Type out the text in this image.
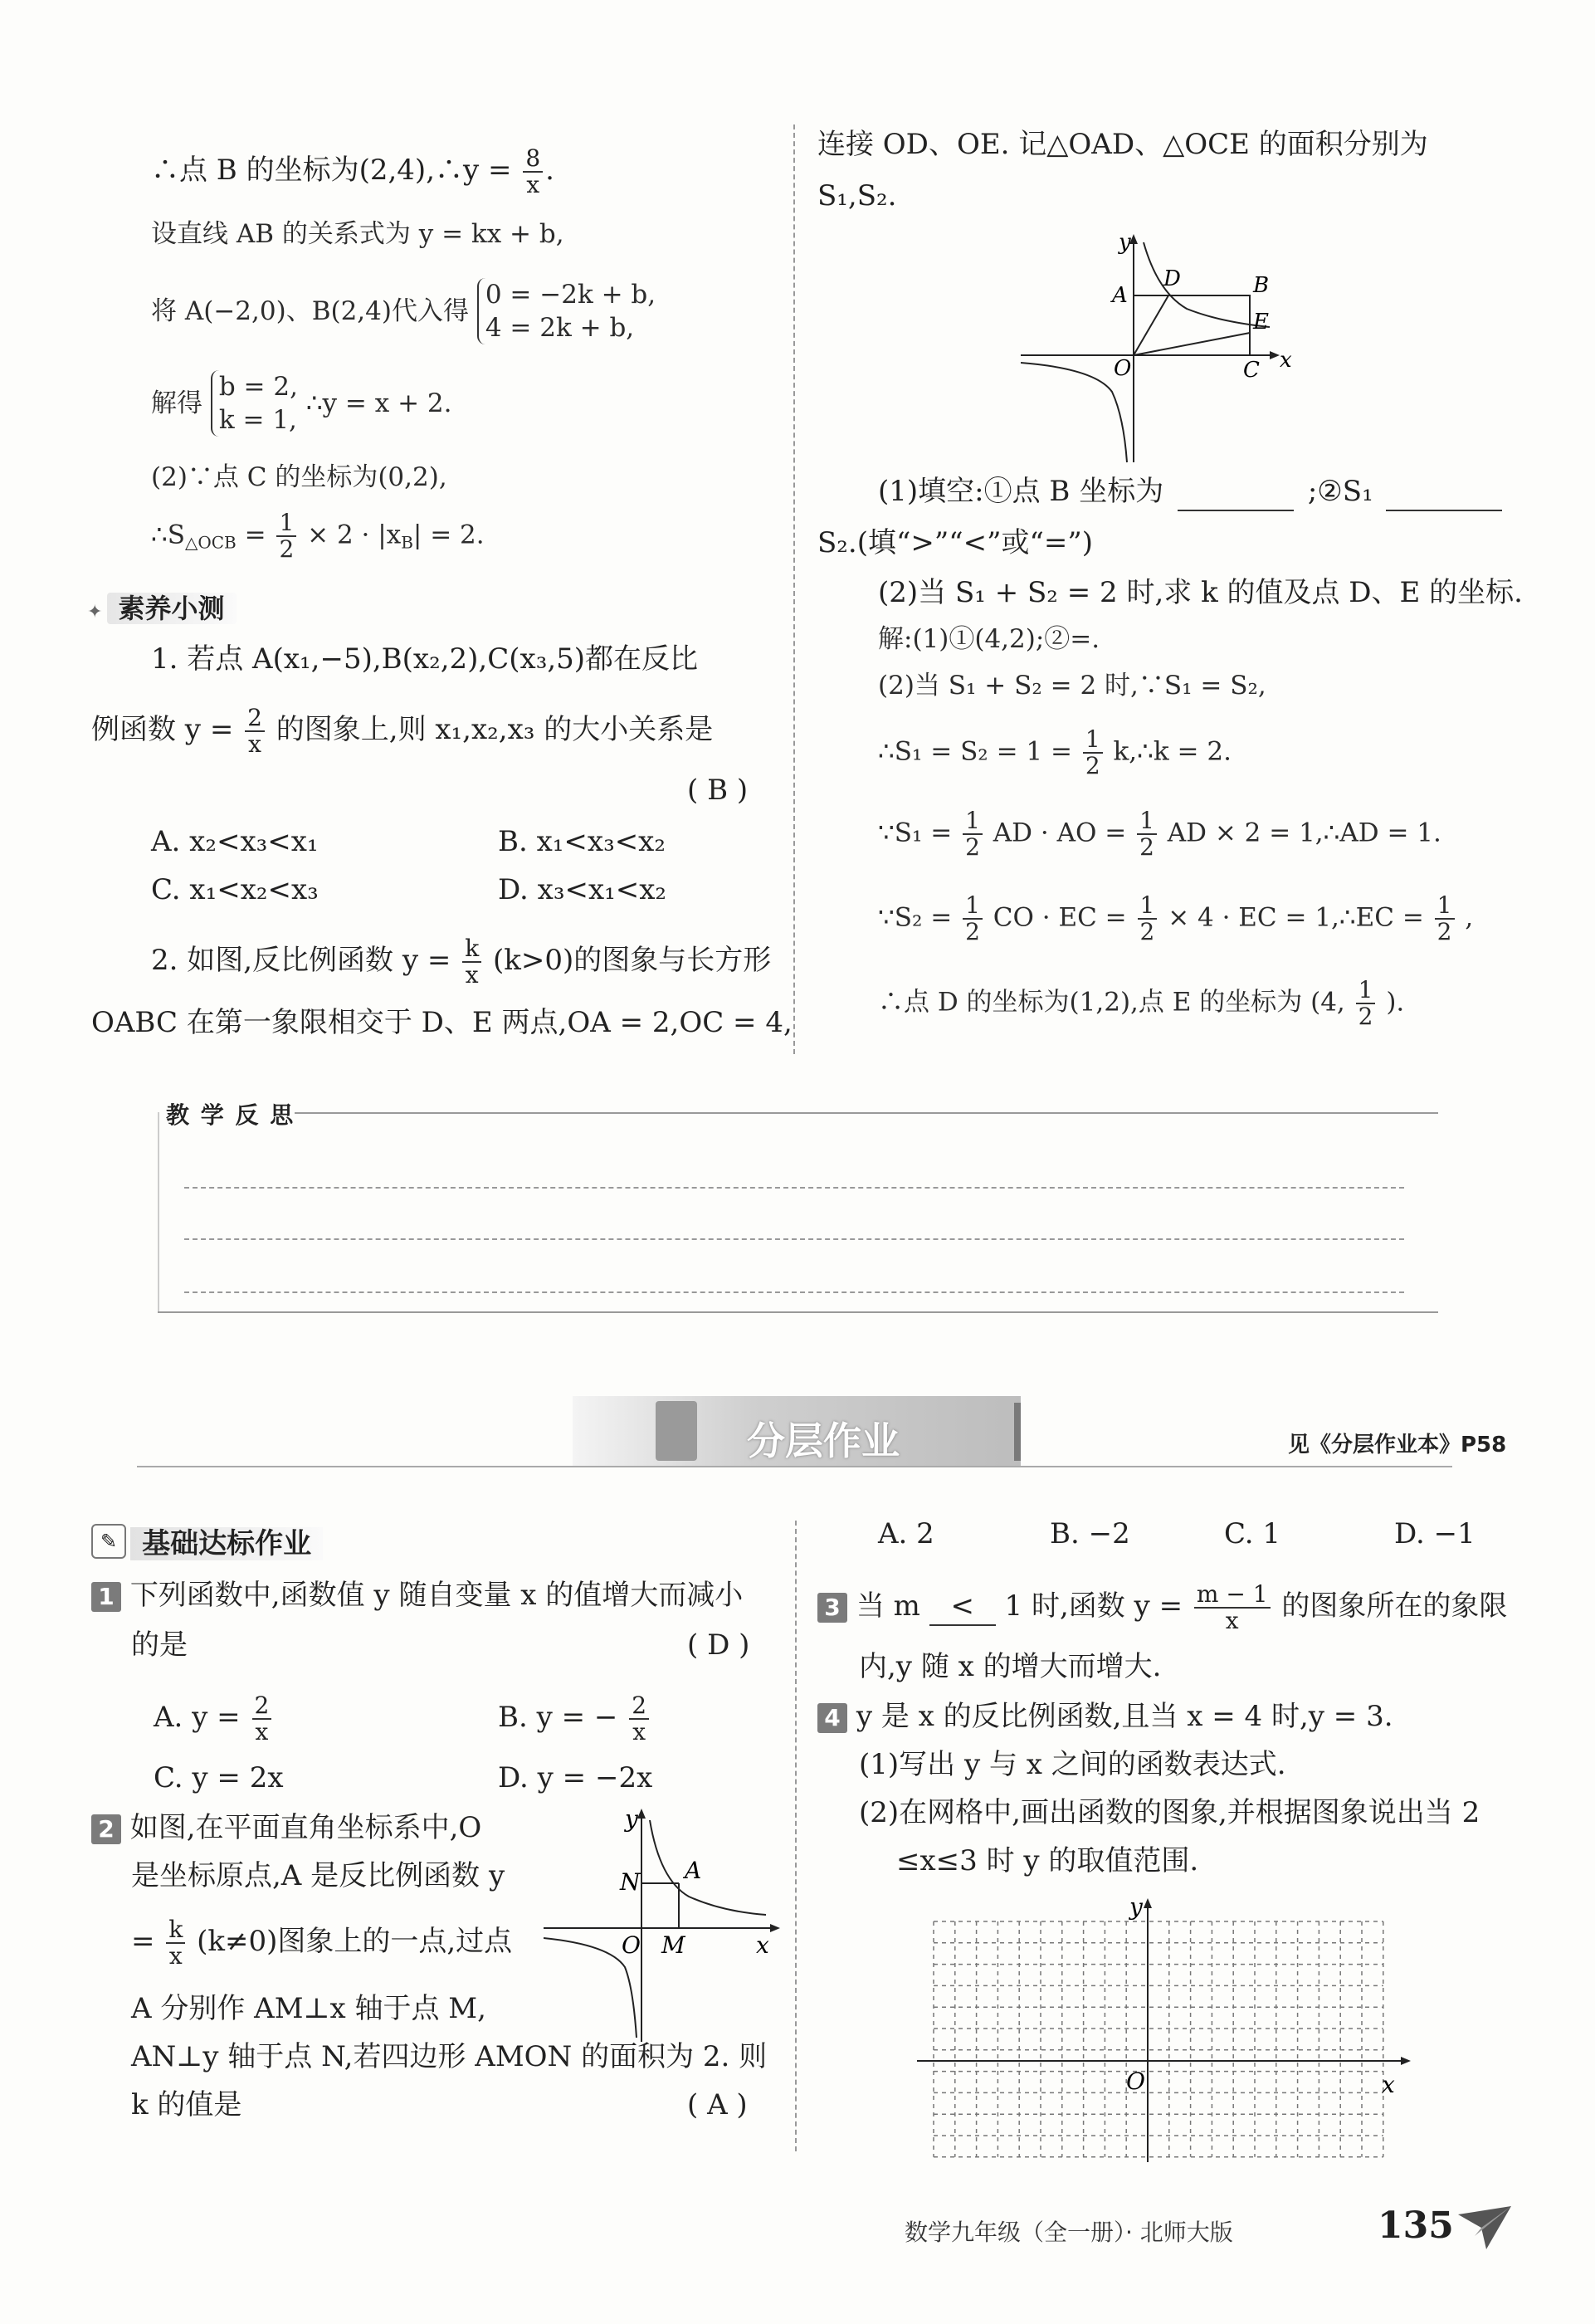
∴点 B 的坐标为(2,4),∴y = $\frac{8}{x}$ .
设直线 AB 的关系式为 y = kx + b,
将 A(−2,0)、B(2,4)代入得
0 = −2k + b,
4 = 2k + b,
解得
b = 2,
k = 1,
∴y = x + 2.
(2)∵点 C 的坐标为(0,2),
$\therefore S_{\triangle OCB} = \frac{1}{2} \times 2 \cdot |x_B| = 2$.
✦ 素养小测
1. 若点 A(x₁,−5),B(x₂,2),C(x₃,5)都在反比
例函数 $y = \frac{2}{x}$ 的图象上,则 x₁,x₂,x₃ 的大小关系是
( B )
A. x₂<x₃<x₁	B. x₁<x₃<x₂
C. x₁<x₂<x₃	D. x₃<x₁<x₂
2. 如图,反比例函数 $y = \frac{k}{x} (k>0)$的图象与长方形
OABC 在第一象限相交于 D、E 两点,OA = 2,OC = 4,
连接 OD、OE. 记△OAD、△OCE 的面积分别为
S₁,S₂.
y
x
A	B
D
E
O	C
(1)填空:①点 B 坐标为	;②S₁
S₂.(填“>”“<”或“=”)
(2)当 S₁ + S₂ = 2 时,求 k 的值及点 D、E 的坐标.
解:(1)①(4,2);②=.
(2)当 S₁ + S₂ = 2 时,∵S₁ = S₂,
∴S₁ = $S_2 = 1 = \frac{1}{2}$ k,∴k = 2.
∵S₁ = $\frac{1}{2}$ AD · AO = $\frac{1}{2}$ AD × 2 = 1,∴AD = 1.
∵S₂ = $\frac{1}{2}$ CO · EC = $\frac{1}{2} \times 4$ · EC = 1,∴EC = $\frac{1}{2}$ ,
∴点 D 的坐标为(1,2),点 E 的坐标为 (4, $\frac{1}{2}$ ).
教 学 反 思
分层作业	见《分层作业本》P58
✎ 基础达标作业
1 下列函数中,函数值 y 随自变量 x 的值增大而减小
的是	( D )
A. $y = \frac{2}{x}$	B. y = − $\frac{2}{x}$
C. y = 2x	D. y = −2x
2 如图,在平面直角坐标系中,O
是坐标原点,A 是反比例函数 y
= $\frac{k}{x} (k\ne 0)$图象上的一点,过点
A 分别作 AM⊥x 轴于点 M,
AN⊥y 轴于点 N,若四边形 AMON 的面积为 2. 则
k 的值是	( A )
y
N A
O M	x
A. 2	B. −2	C. 1	D. −1
3 当 m < 1 时,函数 $y = \frac{m - 1}{x}$ 的图象所在的象限
内,y 随 x 的增大而增大.
4 y 是 x 的反比例函数,且当 x = 4 时,y = 3.
(1)写出 y 与 x 之间的函数表达式.
(2)在网格中,画出函数的图象,并根据图象说出当 2
≤x≤3 时 y 的取值范围.
y
x
O
数学九年级（全一册）· 北师大版	135
